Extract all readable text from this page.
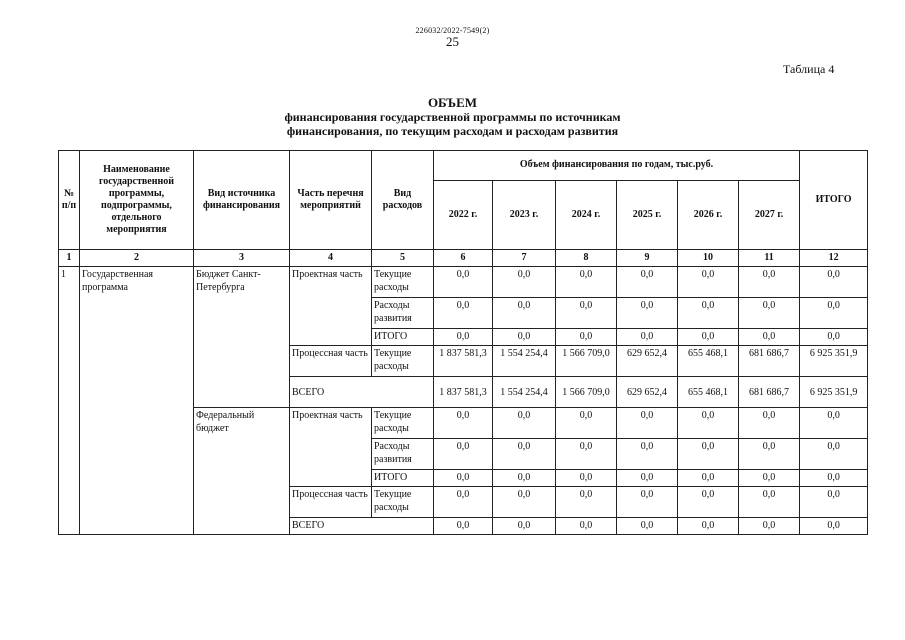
226032/2022-7549(2)
25
Таблица 4
ОБЪЕМ
финансирования государственной программы по источникам
финансирования, по текущим расходам и расходам развития
№ п/п	Наименование государственной программы, подпрограммы, отдельного мероприятия	Вид источника финансирования	Часть перечня мероприятий	Вид расходов	Объем финансирования по годам, тыс.руб.						ИТОГО
					2022 г.	2023 г.	2024 г.	2025 г.	2026 г.	2027 г.	
1	2	3	4	5	6	7	8	9	10	11	12
1	Государственная программа	Бюджет Санкт-Петербурга	Проектная часть	Текущие расходы	0,0	0,0	0,0	0,0	0,0	0,0	0,0
				Расходы развития	0,0	0,0	0,0	0,0	0,0	0,0	0,0
				ИТОГО	0,0	0,0	0,0	0,0	0,0	0,0	0,0
			Процессная часть	Текущие расходы	1 837 581,3	1 554 254,4	1 566 709,0	629 652,4	655 468,1	681 686,7	6 925 351,9
			ВСЕГО		1 837 581,3	1 554 254,4	1 566 709,0	629 652,4	655 468,1	681 686,7	6 925 351,9
		Федеральный бюджет	Проектная часть	Текущие расходы	0,0	0,0	0,0	0,0	0,0	0,0	0,0
				Расходы развития	0,0	0,0	0,0	0,0	0,0	0,0	0,0
				ИТОГО	0,0	0,0	0,0	0,0	0,0	0,0	0,0
			Процессная часть	Текущие расходы	0,0	0,0	0,0	0,0	0,0	0,0	0,0
			ВСЕГО		0,0	0,0	0,0	0,0	0,0	0,0	0,0
